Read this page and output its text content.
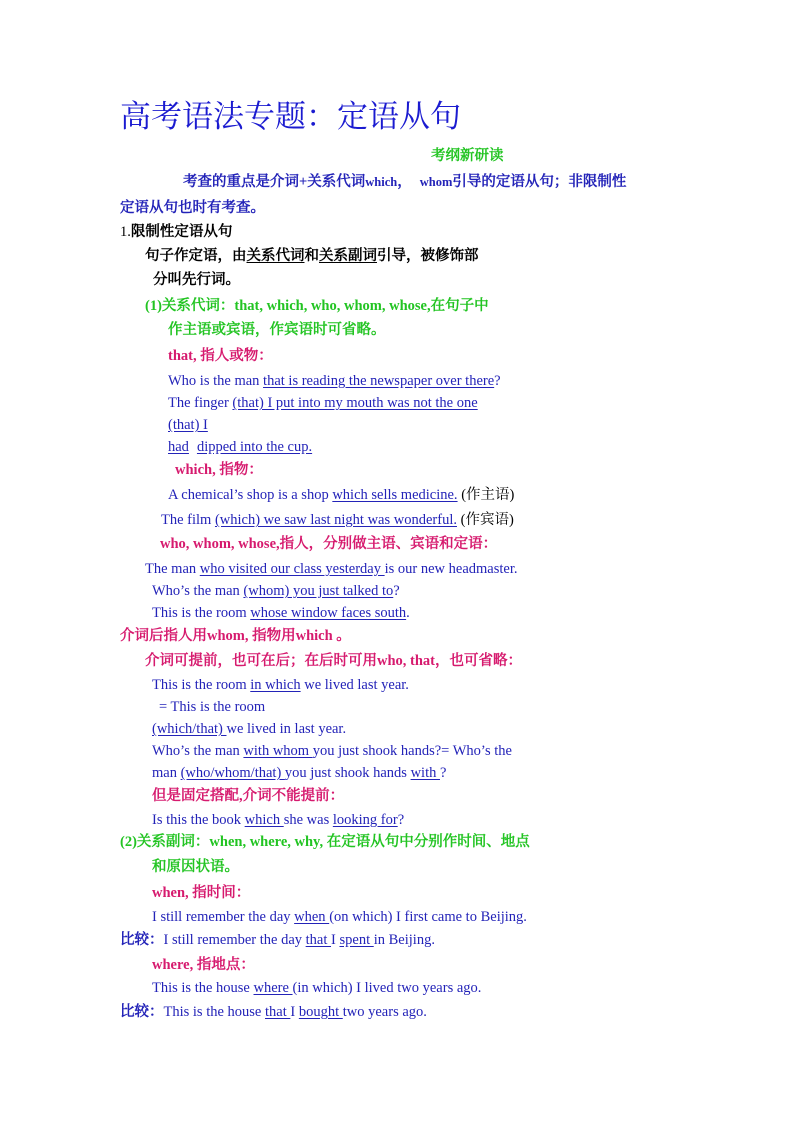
高考语法专题：定语从句
考纲新研读
考查的重点是介词+关系代词which， whom引导的定语从句；非限制性
定语从句也时有考查。
1.限制性定语从句
句子作定语，由关系代词和关系副词引导，被修饰部
分叫先行词。
(1)关系代词：that, which, who, whom, whose,在句子中
作主语或宾语，作宾语时可省略。
that, 指人或物：
Who is the man that is reading the newspaper over there?
The finger (that) I put into my mouth was not the one
(that) I
had dipped into the cup.
which, 指物：
A chemical’s shop is a shop which sells medicine. (作主语)
The film (which) we saw last night was wonderful. (作宾语)
who, whom, whose,指人，分别做主语、宾语和定语：
The man who visited our class yesterday is our new headmaster.
Who’s the man (whom) you just talked to?
This is the room whose window faces south.
介词后指人用whom, 指物用which 。
介词可提前，也可在后；在后时可用who, that，也可省略：
This is the room in which we lived last year.
= This is the room
(which/that) we lived in last year.
Who’s the man with whom you just shook hands?= Who’s the
man (who/whom/that) you just shook hands with ?
但是固定搭配,介词不能提前：
Is this the book which she was looking for?
(2)关系副词：when, where, why, 在定语从句中分别作时间、地点
和原因状语。
when, 指时间：
I still remember the day when (on which) I first came to Beijing.
比较：I still remember the day that I spent in Beijing.
where, 指地点：
This is the house where (in which) I lived two years ago.
比较：This is the house that I bought two years ago.
